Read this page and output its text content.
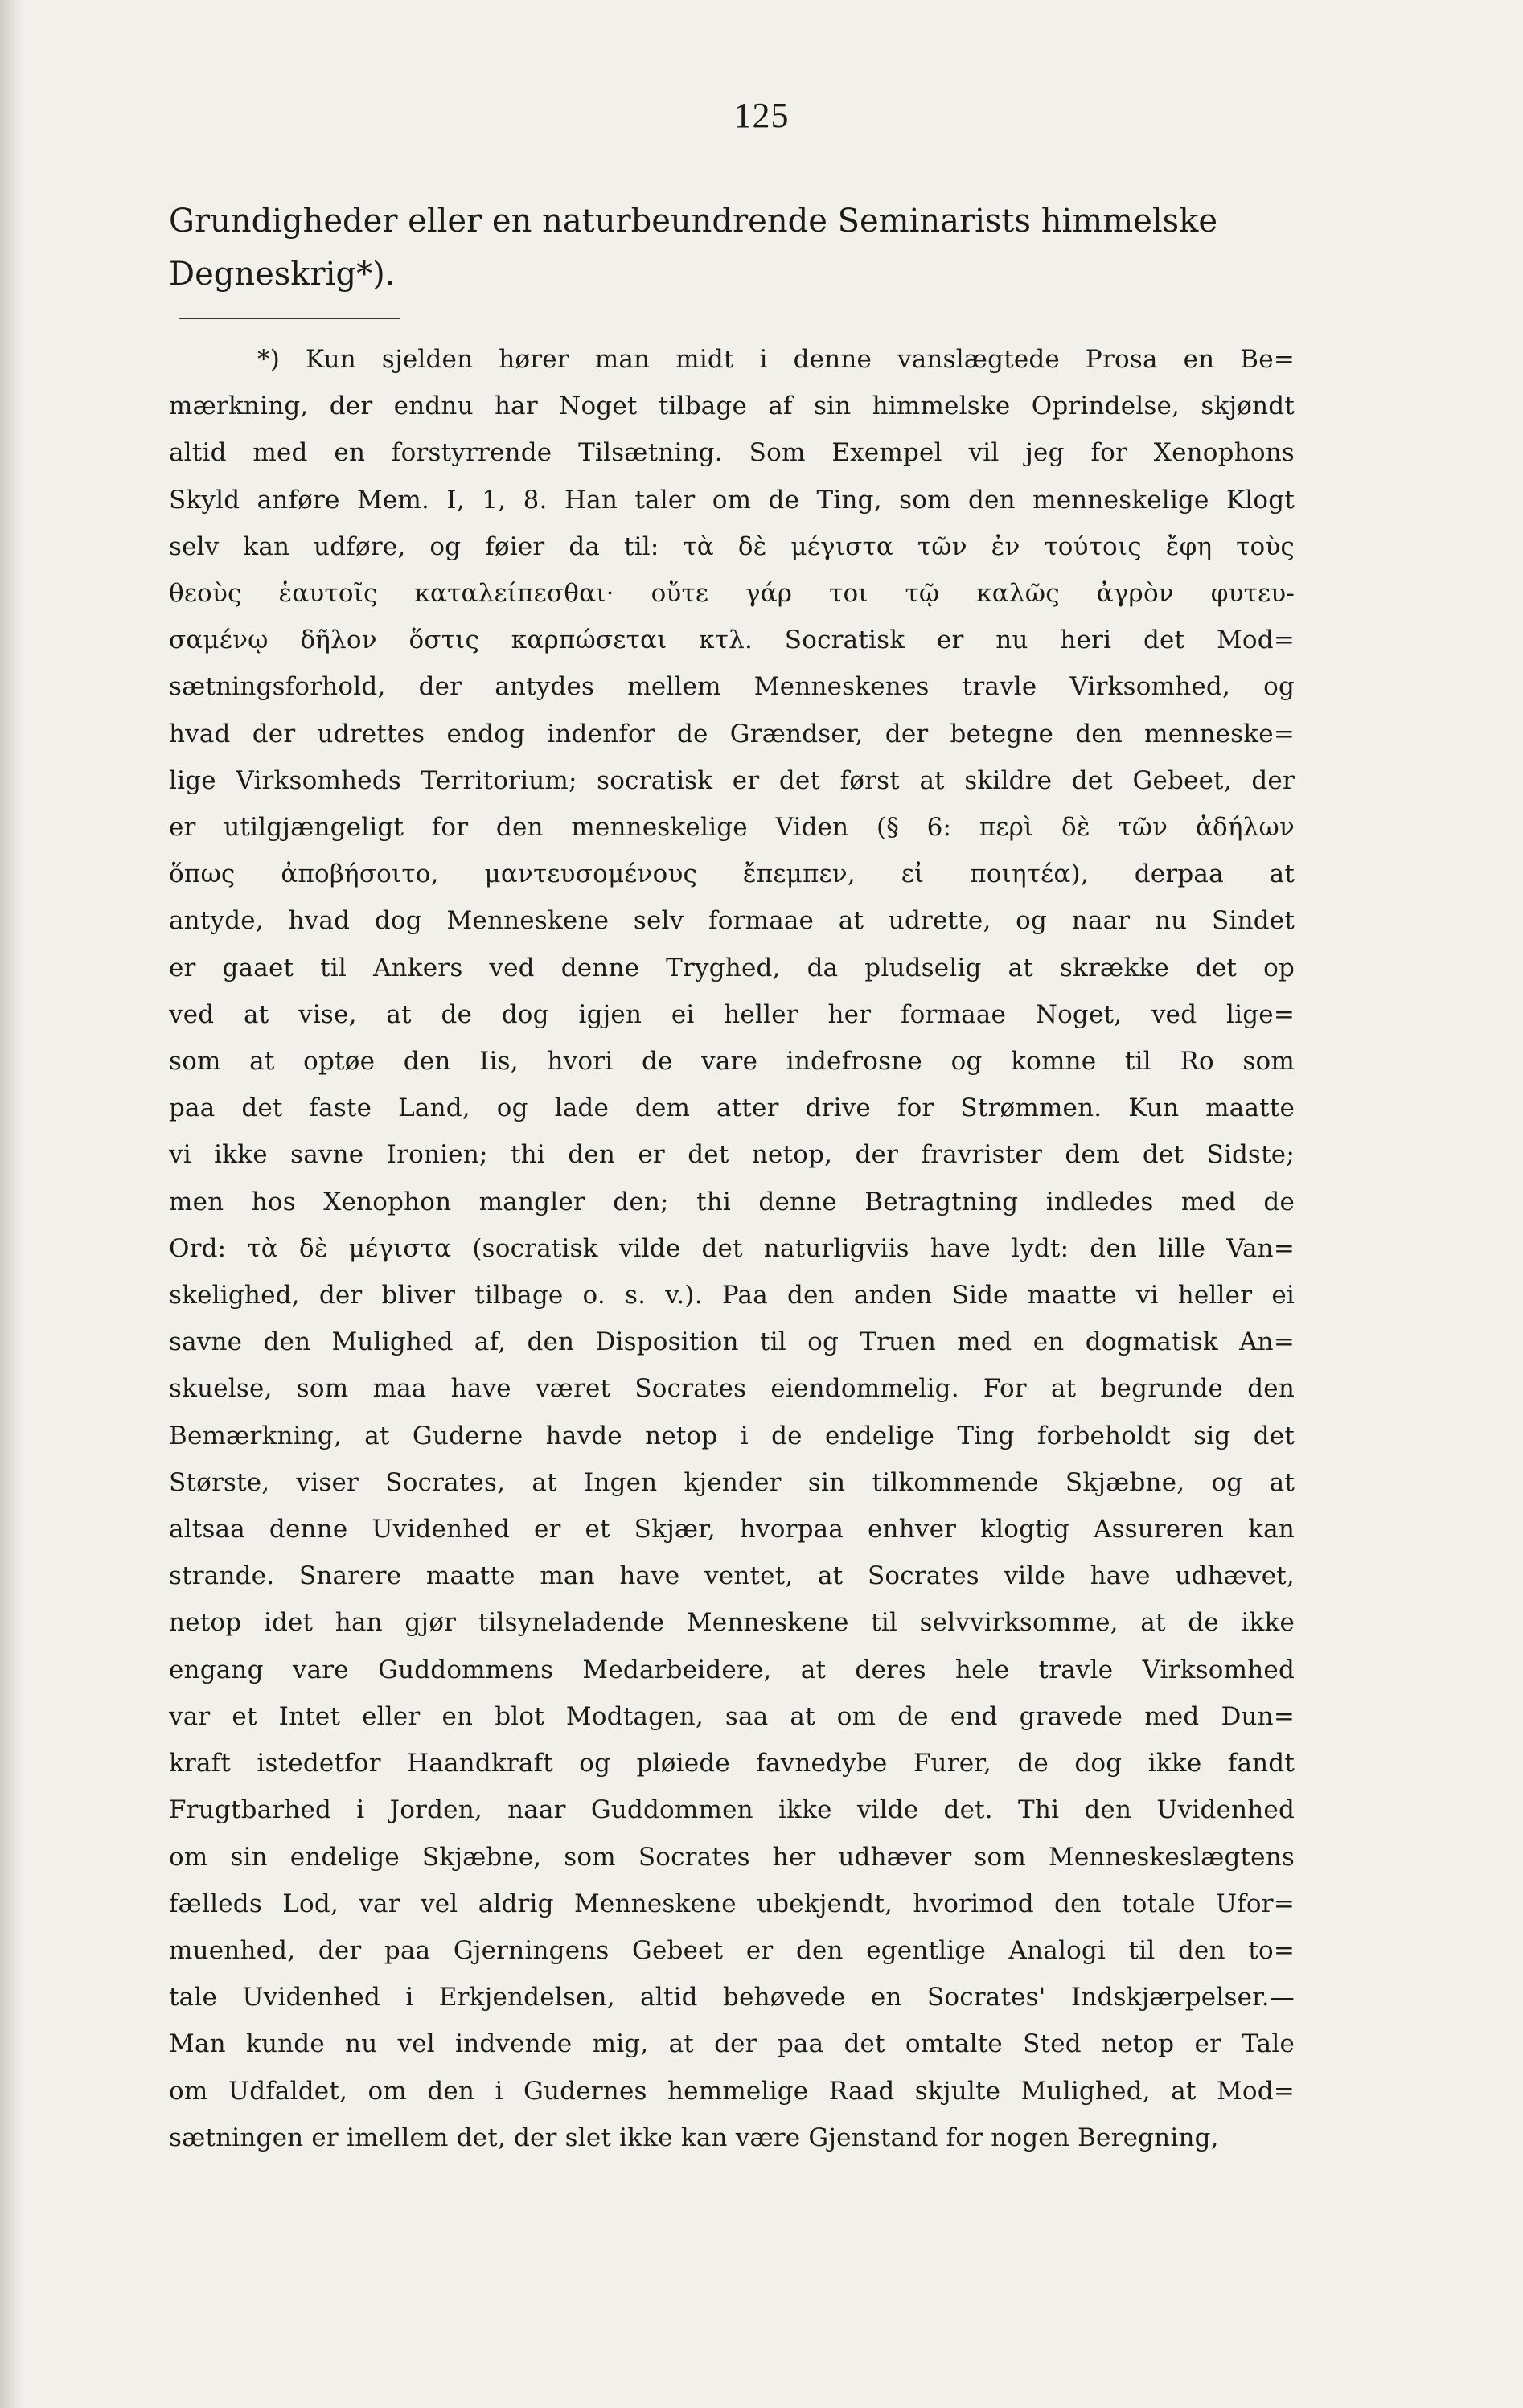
125
Grundigheder eller en naturbeundrende Seminarists himmelske
Degneskrig*).
*) Kun sjelden hører man midt i denne vanslægtede Prosa en Be=
mærkning, der endnu har Noget tilbage af sin himmelske Oprindelse, skjøndt
altid med en forstyrrende Tilsætning. Som Exempel vil jeg for Xenophons
Skyld anføre Mem. I, 1, 8. Han taler om de Ting, som den menneskelige Klogt
selv kan udføre, og føier da til: τὰ δὲ μέγιστα τῶν ἐν τούτοις ἔφη τοὺς
θεοὺς ἑαυτοῖς καταλείπεσθαι· οὔτε γάρ τοι τῷ καλῶς ἀγρὸν φυτευ-
σαμένῳ δῆλον ὅστις καρπώσεται κτλ. Socratisk er nu heri det Mod=
sætningsforhold, der antydes mellem Menneskenes travle Virksomhed, og
hvad der udrettes endog indenfor de Grændser, der betegne den menneske=
lige Virksomheds Territorium; socratisk er det først at skildre det Gebeet, der
er utilgjængeligt for den menneskelige Viden (§ 6: περὶ δὲ τῶν ἀδήλων
ὅπως ἀποβήσοιτο, μαντευσομένους ἔπεμπεν, εἰ ποιητέα), derpaa at
antyde, hvad dog Menneskene selv formaae at udrette, og naar nu Sindet
er gaaet til Ankers ved denne Tryghed, da pludselig at skrække det op
ved at vise, at de dog igjen ei heller her formaae Noget, ved lige=
som at optøe den Iis, hvori de vare indefrosne og komne til Ro som
paa det faste Land, og lade dem atter drive for Strømmen. Kun maatte
vi ikke savne Ironien; thi den er det netop, der fravrister dem det Sidste;
men hos Xenophon mangler den; thi denne Betragtning indledes med de
Ord: τὰ δὲ μέγιστα (socratisk vilde det naturligviis have lydt: den lille Van=
skelighed, der bliver tilbage o. s. v.). Paa den anden Side maatte vi heller ei
savne den Mulighed af, den Disposition til og Truen med en dogmatisk An=
skuelse, som maa have været Socrates eiendommelig. For at begrunde den
Bemærkning, at Guderne havde netop i de endelige Ting forbeholdt sig det
Største, viser Socrates, at Ingen kjender sin tilkommende Skjæbne, og at
altsaa denne Uvidenhed er et Skjær, hvorpaa enhver klogtig Assureren kan
strande. Snarere maatte man have ventet, at Socrates vilde have udhævet,
netop idet han gjør tilsyneladende Menneskene til selvvirksomme, at de ikke
engang vare Guddommens Medarbeidere, at deres hele travle Virksomhed
var et Intet eller en blot Modtagen, saa at om de end gravede med Dun=
kraft istedetfor Haandkraft og pløiede favnedybe Furer, de dog ikke fandt
Frugtbarhed i Jorden, naar Guddommen ikke vilde det. Thi den Uvidenhed
om sin endelige Skjæbne, som Socrates her udhæver som Menneskeslægtens
fælleds Lod, var vel aldrig Menneskene ubekjendt, hvorimod den totale Ufor=
muenhed, der paa Gjerningens Gebeet er den egentlige Analogi til den to=
tale Uvidenhed i Erkjendelsen, altid behøvede en Socrates' Indskjærpelser.—
Man kunde nu vel indvende mig, at der paa det omtalte Sted netop er Tale
om Udfaldet, om den i Gudernes hemmelige Raad skjulte Mulighed, at Mod=
sætningen er imellem det, der slet ikke kan være Gjenstand for nogen Beregning,
